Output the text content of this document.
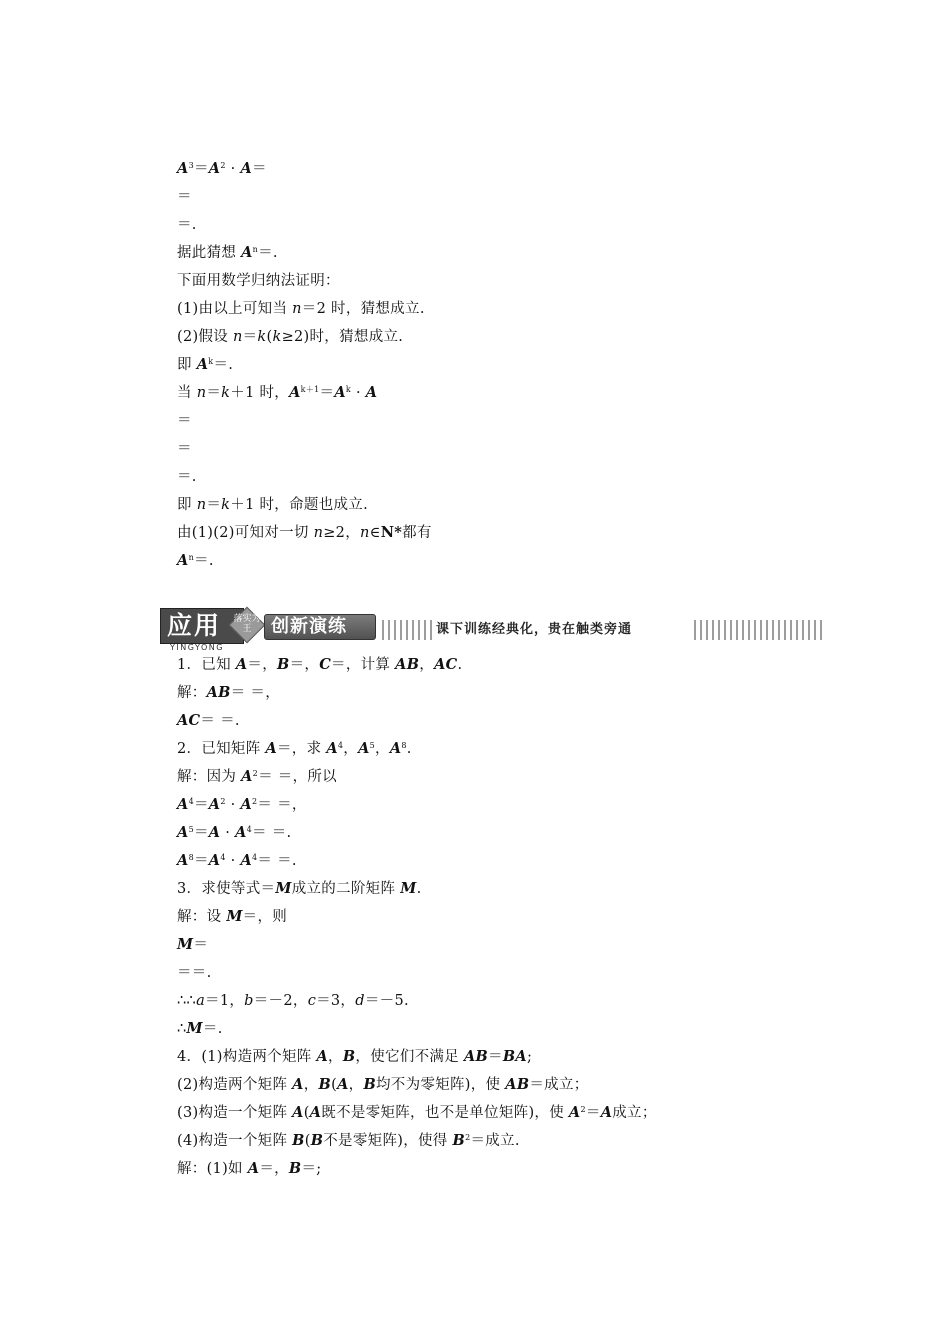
$A^3=A^2 \cdot A=$
＝
＝.
据此猜想 $A^n=$.
下面用数学归纳法证明：
(1)由以上可知当 n＝2 时，猜想成立.
(2)假设 n＝k(k≥2)时，猜想成立.
即 $A^k=$.
当 n＝k＋1 时，$A^{k+1}=A^k \cdot A$
＝
＝
＝.
即 n＝k＋1 时，命题也成立.
由(1)(2)可知对一切 n≥2，n∈N*都有
$A^n=$.
课下训练经典化，贵在触类旁通
应用
YINGYONG
落实为王	创新演练
1．已知 A＝，B＝，C＝，计算 AB，AC.
解：AB＝ ＝，
AC＝ ＝.
2．已知矩阵 A＝，求 $A^4$，$A^5$，$A^8$.
解：因为 $A^2=$ ＝，所以
$A^4=A^2 \cdot A^2=$ ＝，
$A^5=A \cdot A^4=$ ＝.
$A^8=A^4 \cdot A^4=$ ＝.
3．求使等式＝M成立的二阶矩阵 M.
解：设 M＝，则
M＝
＝＝.
∴∴a＝1，b＝－2，c＝3，d＝－5.
∴M＝.
4．(1)构造两个矩阵 A，B，使它们不满足 AB＝BA;
(2)构造两个矩阵 A，B(A，B均不为零矩阵)，使 AB＝成立；
(3)构造一个矩阵 A(A既不是零矩阵，也不是单位矩阵)，使 $A^2=A$成立；
(4)构造一个矩阵 B(B不是零矩阵)，使得 $B^2=$成立.
解：(1)如 A＝，B＝;
